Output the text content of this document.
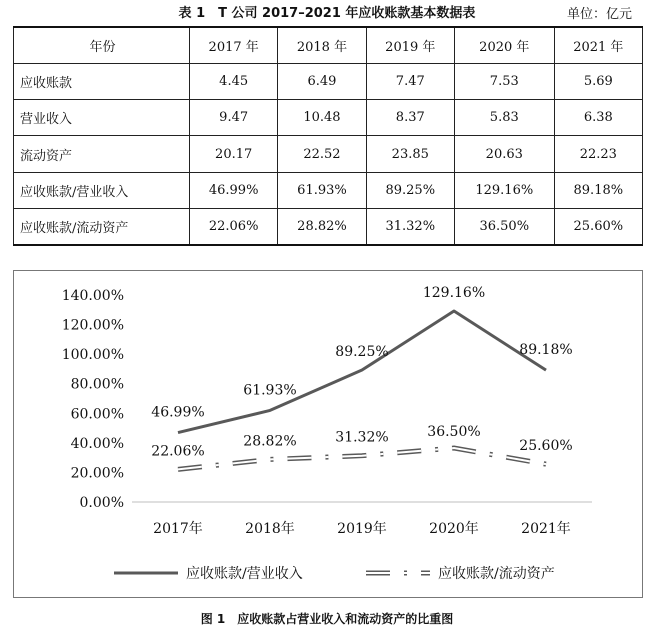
表 1　T 公司 2017–2021 年应收账款基本数据表	单位：亿元
年份	2017 年	2018 年	2019 年	2020 年	2021 年
应收账款	4.45	6.49	7.47	7.53	5.69
营业收入	9.47	10.48	8.37	5.83	6.38
流动资产	20.17	22.52	23.85	20.63	22.23
应收账款/营业收入	46.99%	61.93%	89.25%	129.16%	89.18%
应收账款/流动资产	22.06%	28.82%	31.32%	36.50%	25.60%
0.00%
20.00%
40.00%
60.00%
80.00%
100.00%
120.00%
140.00%
2017年	2018年	2019年	2020年	2021年
46.99%
61.93%
89.25%
129.16%
89.18%
22.06%
28.82%	31.32%	36.50%
25.60%
应收账款/营业收入	应收账款/流动资产
图 1　应收账款占营业收入和流动资产的比重图
